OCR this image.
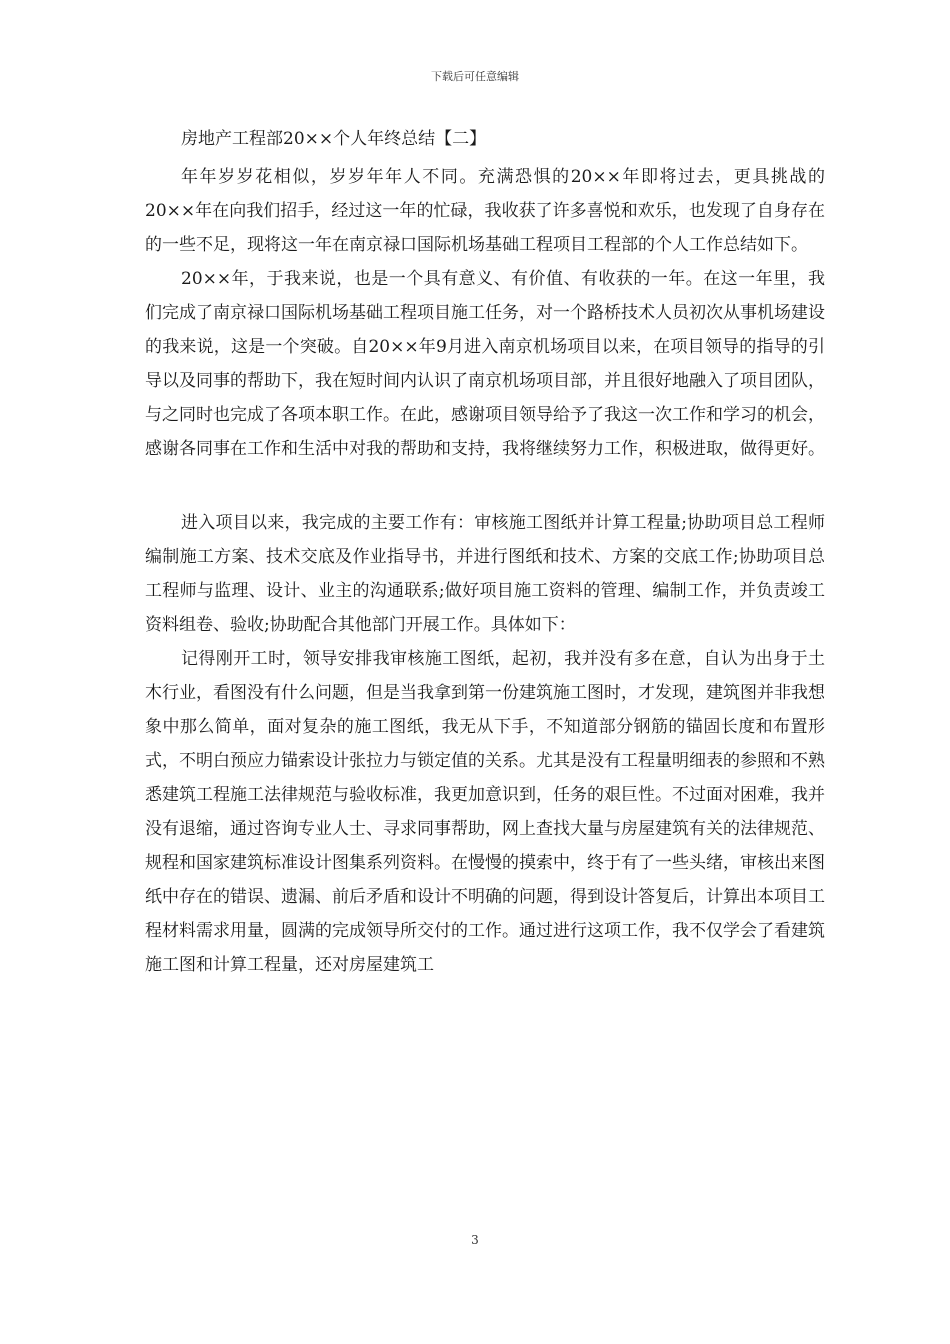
下载后可任意编辑
房地产工程部20××个人年终总结【二】

年年岁岁花相似，岁岁年年人不同。充满恐惧的20××年即将过去，更具挑战的20××年在向我们招手，经过这一年的忙碌，我收获了许多喜悦和欢乐，也发现了自身存在的一些不足，现将这一年在南京禄口国际机场基础工程项目工程部的个人工作总结如下。

20××年，于我来说，也是一个具有意义、有价值、有收获的一年。在这一年里，我们完成了南京禄口国际机场基础工程项目施工任务，对一个路桥技术人员初次从事机场建设的我来说，这是一个突破。自20××年9月进入南京机场项目以来，在项目领导的指导的引导以及同事的帮助下，我在短时间内认识了南京机场项目部，并且很好地融入了项目团队，与之同时也完成了各项本职工作。在此，感谢项目领导给予了我这一次工作和学习的机会，感谢各同事在工作和生活中对我的帮助和支持，我将继续努力工作，积极进取，做得更好。

进入项目以来，我完成的主要工作有：审核施工图纸并计算工程量;协助项目总工程师编制施工方案、技术交底及作业指导书，并进行图纸和技术、方案的交底工作;协助项目总工程师与监理、设计、业主的沟通联系;做好项目施工资料的管理、编制工作，并负责竣工资料组卷、验收;协助配合其他部门开展工作。具体如下：

记得刚开工时，领导安排我审核施工图纸，起初，我并没有多在意，自认为出身于土木行业，看图没有什么问题，但是当我拿到第一份建筑施工图时，才发现，建筑图并非我想象中那么简单，面对复杂的施工图纸，我无从下手，不知道部分钢筋的锚固长度和布置形式，不明白预应力锚索设计张拉力与锁定值的关系。尤其是没有工程量明细表的参照和不熟悉建筑工程施工法律规范与验收标准，我更加意识到，任务的艰巨性。不过面对困难，我并没有退缩，通过咨询专业人士、寻求同事帮助，网上查找大量与房屋建筑有关的法律规范、规程和国家建筑标准设计图集系列资料。在慢慢的摸索中，终于有了一些头绪，审核出来图纸中存在的错误、遗漏、前后矛盾和设计不明确的问题，得到设计答复后，计算出本项目工程材料需求用量，圆满的完成领导所交付的工作。通过进行这项工作，我不仅学会了看建筑施工图和计算工程量，还对房屋建筑工

3
